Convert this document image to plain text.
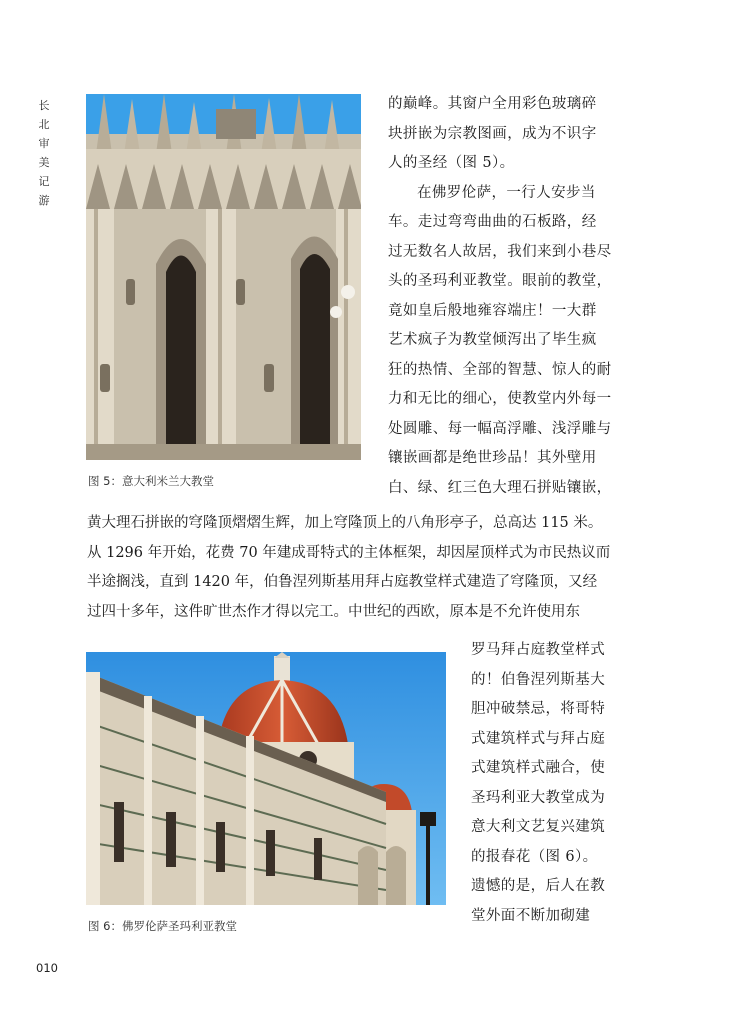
长
北
审
美
记
游
图 5：意大利米兰大教堂
的巅峰。其窗户全用彩色玻璃碎
块拼嵌为宗教图画，成为不识字
人的圣经（图 5）。
在佛罗伦萨，一行人安步当
车。走过弯弯曲曲的石板路，经
过无数名人故居，我们来到小巷尽
头的圣玛利亚教堂。眼前的教堂，
竟如皇后般地雍容端庄！一大群
艺术疯子为教堂倾泻出了毕生疯
狂的热情、全部的智慧、惊人的耐
力和无比的细心，使教堂内外每一
处圆雕、每一幅高浮雕、浅浮雕与
镶嵌画都是绝世珍品！其外壁用
白、绿、红三色大理石拼贴镶嵌，
黄大理石拼嵌的穹隆顶熠熠生辉，加上穹隆顶上的八角形亭子，总高达 115 米。
从 1296 年开始，花费 70 年建成哥特式的主体框架，却因屋顶样式为市民热议而
半途搁浅，直到 1420 年，伯鲁涅列斯基用拜占庭教堂样式建造了穹隆顶，又经
过四十多年，这件旷世杰作才得以完工。中世纪的西欧，原本是不允许使用东
图 6：佛罗伦萨圣玛利亚教堂
罗马拜占庭教堂样式
的！伯鲁涅列斯基大
胆冲破禁忌，将哥特
式建筑样式与拜占庭
式建筑样式融合，使
圣玛利亚大教堂成为
意大利文艺复兴建筑
的报春花（图 6）。
遗憾的是，后人在教
堂外面不断加砌建
010
